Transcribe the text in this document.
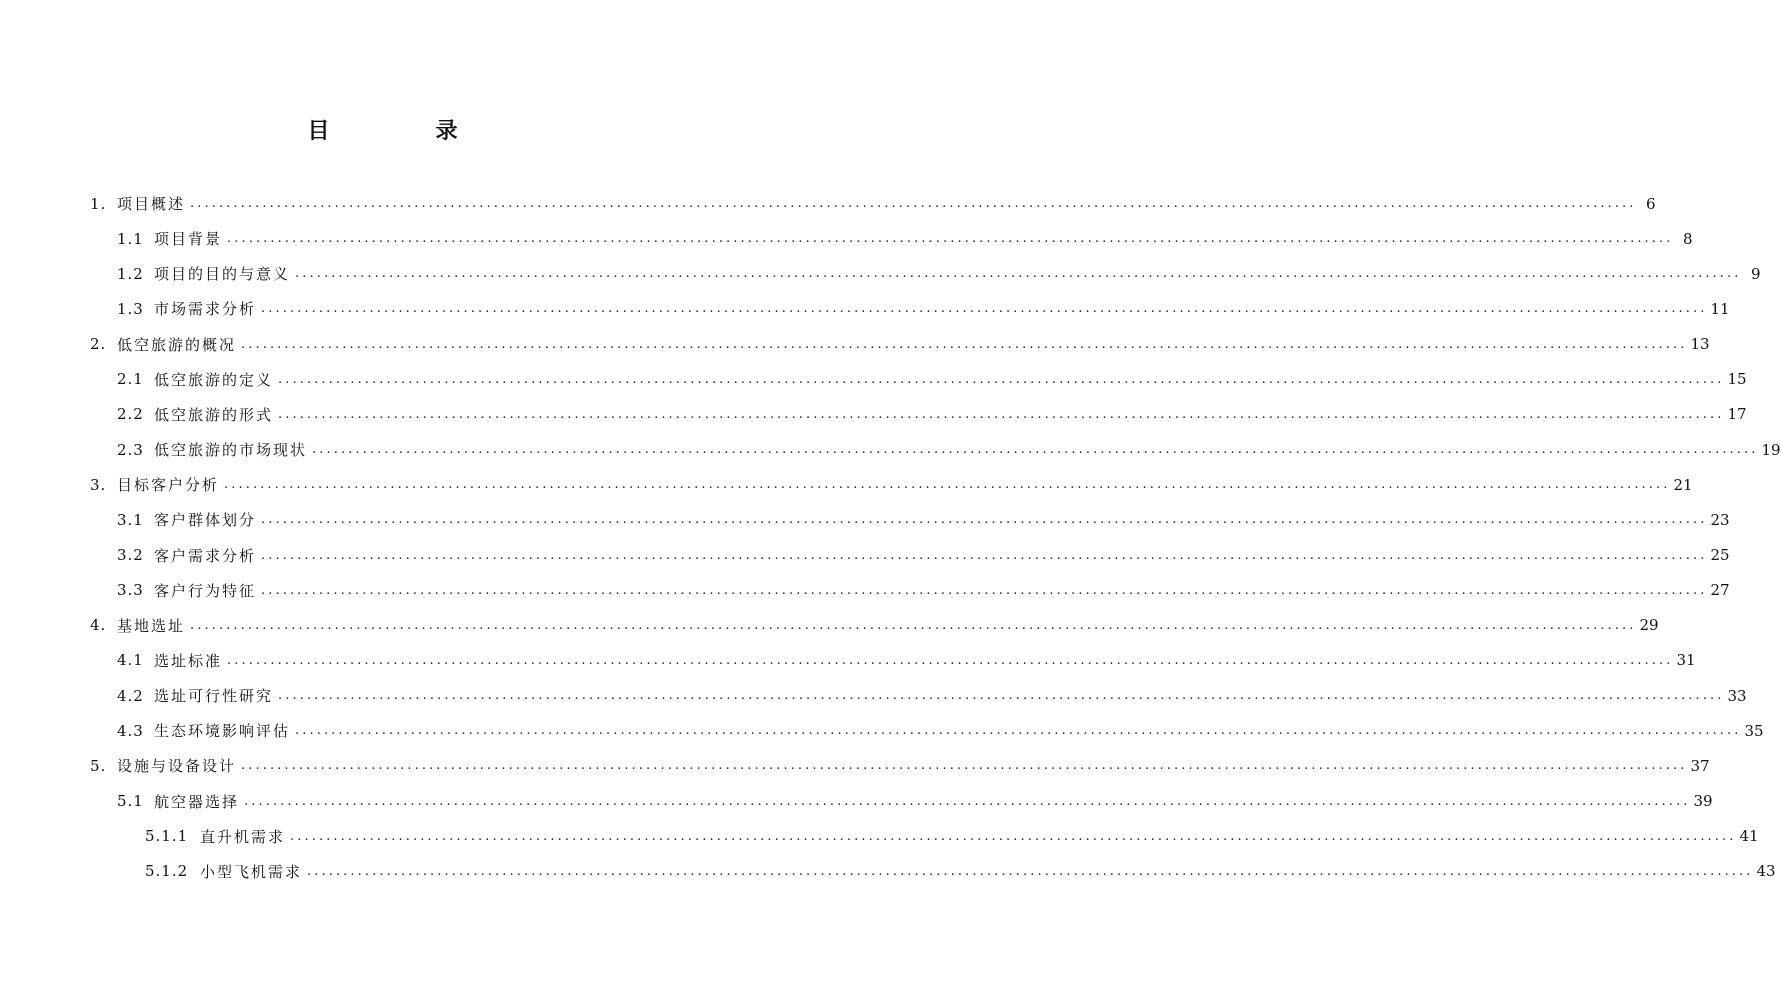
目　录
1. 项目概述 ........................................................................................................................................................................................................ 6
1.1 项目背景 ........................................................................................................................................................................................................ 8
1.2 项目的目的与意义 ........................................................................................................................................................................................................ 9
1.3 市场需求分析 ........................................................................................................................................................................................................ 11
2. 低空旅游的概况 ........................................................................................................................................................................................................ 13
2.1 低空旅游的定义 ........................................................................................................................................................................................................ 15
2.2 低空旅游的形式 ........................................................................................................................................................................................................ 17
2.3 低空旅游的市场现状 ........................................................................................................................................................................................................ 19
3. 目标客户分析 ........................................................................................................................................................................................................ 21
3.1 客户群体划分 ........................................................................................................................................................................................................ 23
3.2 客户需求分析 ........................................................................................................................................................................................................ 25
3.3 客户行为特征 ........................................................................................................................................................................................................ 27
4. 基地选址 ........................................................................................................................................................................................................ 29
4.1 选址标准 ........................................................................................................................................................................................................ 31
4.2 选址可行性研究 ........................................................................................................................................................................................................ 33
4.3 生态环境影响评估 ........................................................................................................................................................................................................ 35
5. 设施与设备设计 ........................................................................................................................................................................................................ 37
5.1 航空器选择 ........................................................................................................................................................................................................ 39
5.1.1 直升机需求 ........................................................................................................................................................................................................ 41
5.1.2 小型飞机需求 ........................................................................................................................................................................................................ 43
